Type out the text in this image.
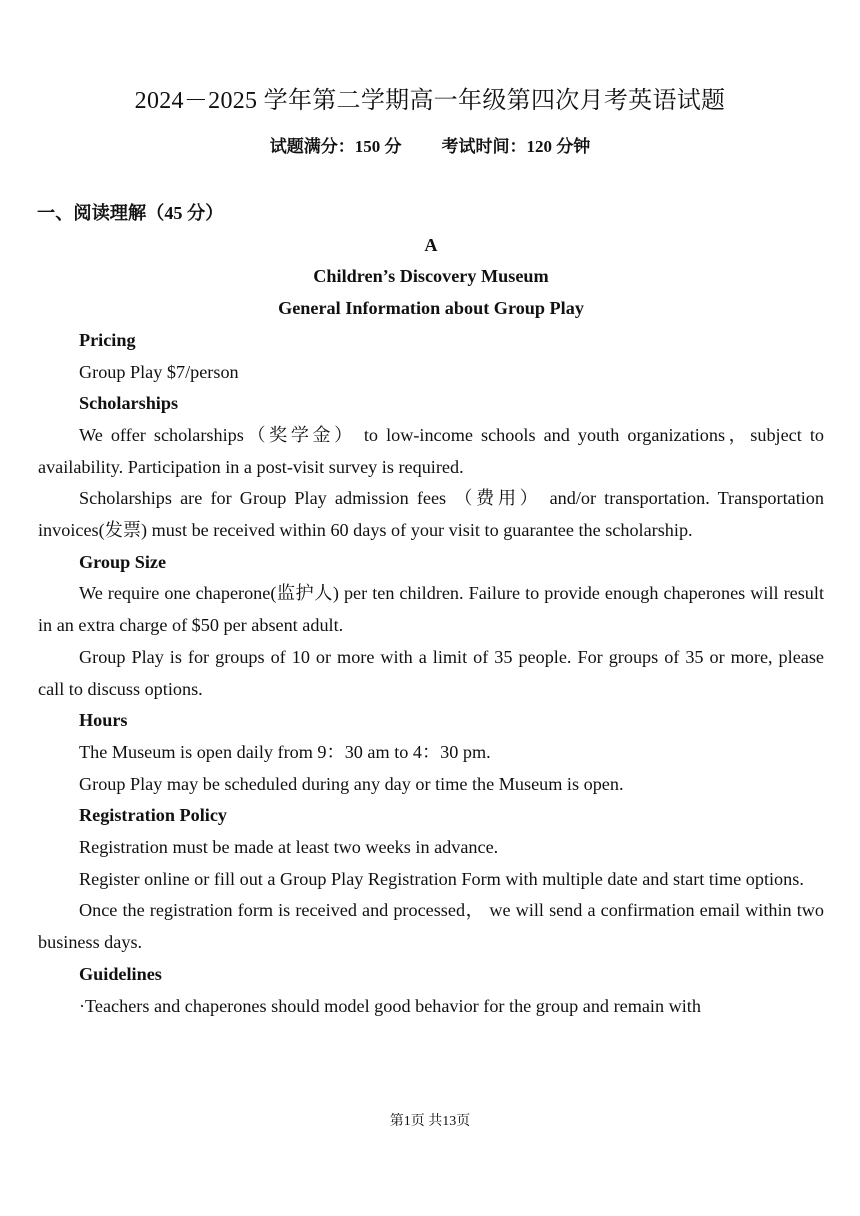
2024－2025 学年第二学期高一年级第四次月考英语试题
试题满分：150 分 考试时间：120 分钟

一、阅读理解（45 分）

A

Children’s Discovery Museum

General Information about Group Play

Pricing

Group Play $7/person

Scholarships

We offer scholarships（奖学金） to low-income schools and youth organizations，subject to availability. Participation in a post-visit survey is required.

Scholarships are for Group Play admission fees （费用） and/or transportation. Transportation invoices(发票) must be received within 60 days of your visit to guarantee the scholarship.

Group Size

We require one chaperone(监护人) per ten children. Failure to provide enough chaperones will result in an extra charge of $50 per absent adult.

Group Play is for groups of 10 or more with a limit of 35 people. For groups of 35 or more, please call to discuss options.

Hours

The Museum is open daily from 9：30 am to 4：30 pm.

Group Play may be scheduled during any day or time the Museum is open.

Registration Policy

Registration must be made at least two weeks in advance.

Register online or fill out a Group Play Registration Form with multiple date and start time options.

Once the registration form is received and processed， we will send a confirmation email within two business days.

Guidelines

·Teachers and chaperones should model good behavior for the group and remain with

第1页 共13页
